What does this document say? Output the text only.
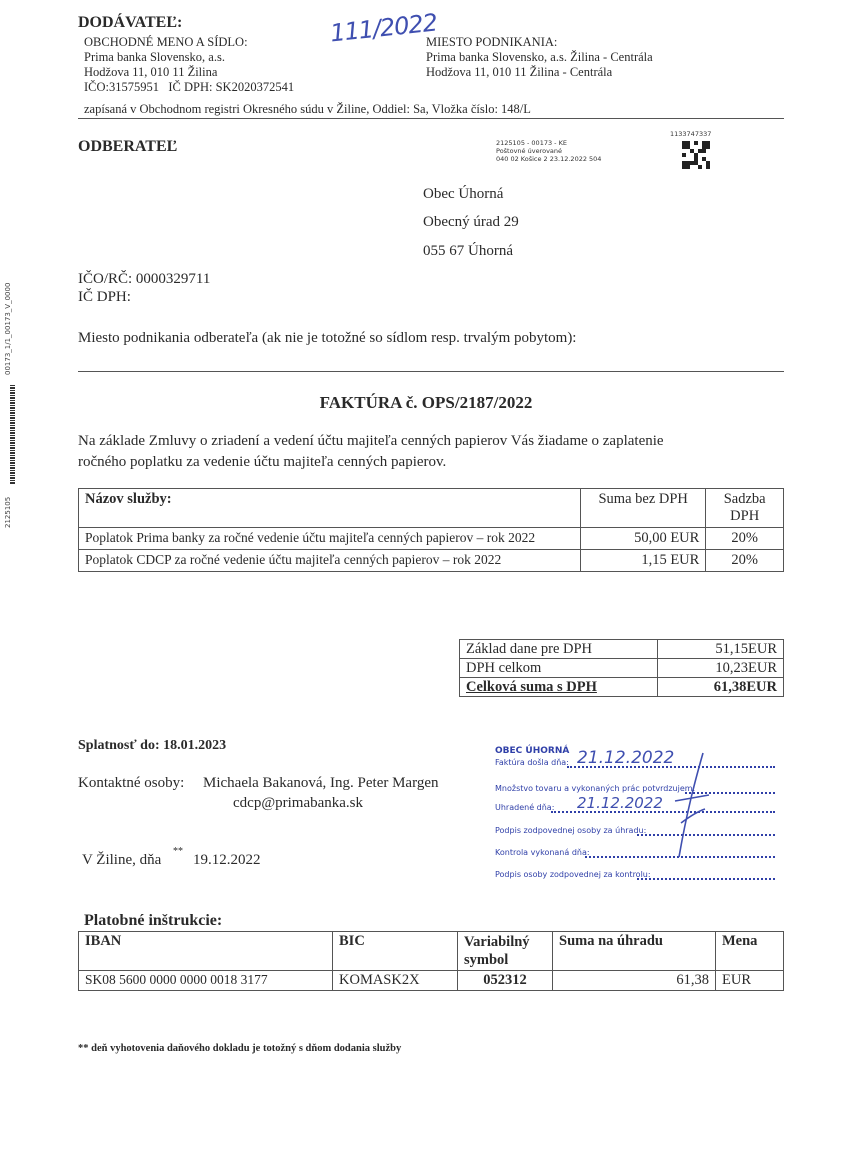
DODÁVATEĽ:	111/2022
OBCHODNÉ MENO A SÍDLO:
Prima banka Slovensko, a.s.
Hodžova 11, 010 11 Žilina
IČO:31575951   IČ DPH: SK2020372541
MIESTO PODNIKANIA:
Prima banka Slovensko, a.s. Žilina - Centrála
Hodžova 11, 010 11 Žilina - Centrála
zapísaná v Obchodnom registri Okresného súdu v Žiline, Oddiel: Sa, Vložka číslo: 148/L
1133747337
2125105 - 00173 - KE
Poštovné úverované
040 02 Košice 2 23.12.2022 504
ODBERATEĽ
Obec Úhorná
Obecný úrad 29
055 67 Úhorná
IČO/RČ: 0000329711
IČ DPH:
Miesto podnikania odberateľa (ak nie je totožné so sídlom resp. trvalým pobytom):
00173_1/1_00173_V_0000
2125105
FAKTÚRA č. OPS/2187/2022
Na základe Zmluvy o zriadení a vedení účtu majiteľa cenných papierov Vás žiadame o zaplatenie
ročného poplatku za vedenie účtu majiteľa cenných papierov.
Názov služby:	Suma bez DPH	Sadzba DPH
Poplatok Prima banky za ročné vedenie účtu majiteľa cenných papierov – rok 2022	50,00 EUR	20%
Poplatok CDCP za ročné vedenie účtu majiteľa cenných papierov – rok 2022	1,15 EUR	20%
Základ dane pre DPH	51,15EUR
DPH celkom	10,23EUR
Celková suma s DPH	61,38EUR
Splatnosť do: 18.01.2023
Kontaktné osoby: Michaela Bakanová, Ing. Peter Margen
cdcp@primabanka.sk
V Žiline, dňa
**
19.12.2022
OBEC ÚHORNÁ
Faktúra došla dňa: 21.12.2022
Množstvo tovaru a vykonaných prác potvrdzujem:
Uhradené dňa:	21.12.2022
Podpis zodpovednej osoby za úhradu:
Kontrola vykonaná dňa:
Podpis osoby zodpovednej za kontrolu:
Platobné inštrukcie:
IBAN	BIC	Variabilný symbol	Suma na úhradu	Mena
SK08 5600 0000 0000 0018 3177	KOMASK2X	052312	61,38	EUR
** deň vyhotovenia daňového dokladu je totožný s dňom dodania služby
